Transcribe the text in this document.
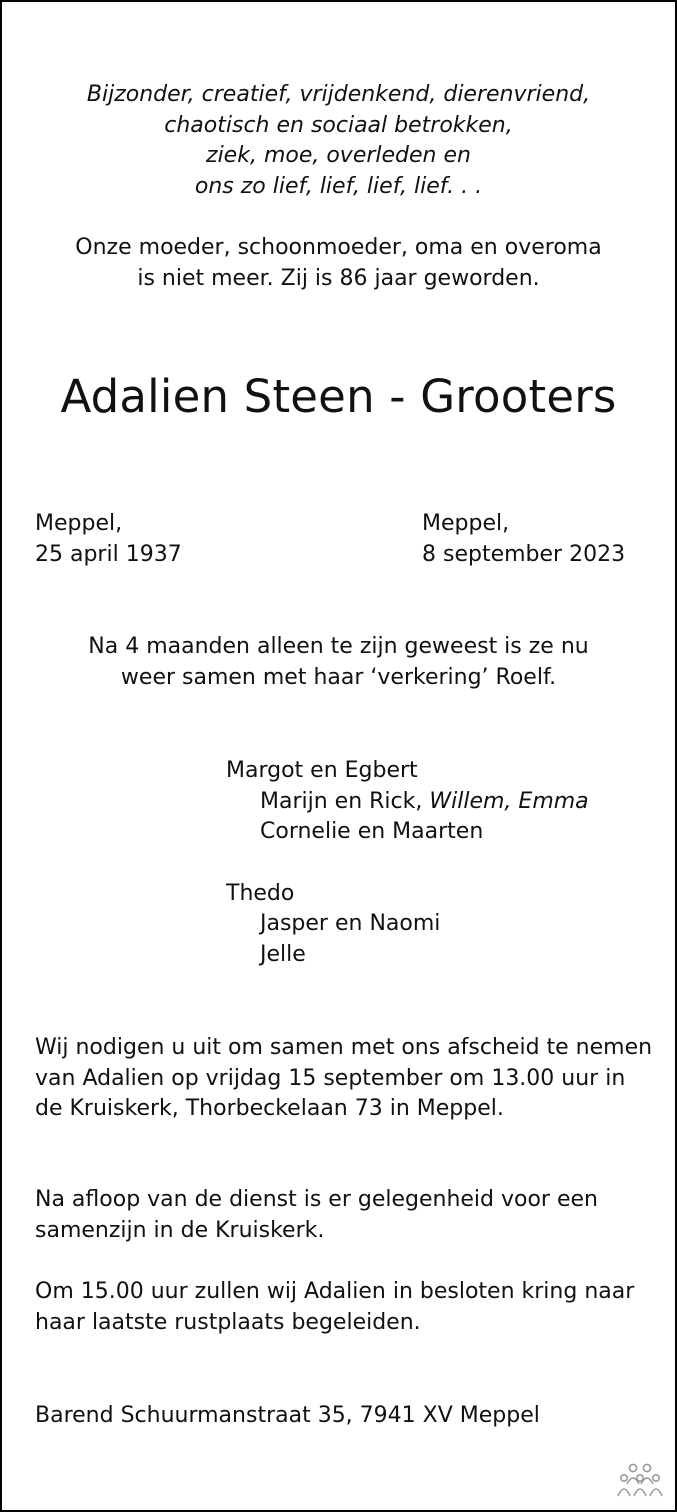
Bijzonder, creatief, vrijdenkend, dierenvriend,
chaotisch en sociaal betrokken,
ziek, moe, overleden en
ons zo lief, lief, lief, lief. . .
Onze moeder, schoonmoeder, oma en overoma
is niet meer. Zij is 86 jaar geworden.
Adalien Steen - Grooters
Meppel,
25 april 1937
Meppel,
8 september 2023
Na 4 maanden alleen te zijn geweest is ze nu
weer samen met haar ‘verkering’ Roelf.
Margot en Egbert
Marijn en Rick, Willem, Emma
Cornelie en Maarten
Thedo
Jasper en Naomi
Jelle
Wij nodigen u uit om samen met ons afscheid te nemen van Adalien op vrijdag 15 september om 13.00 uur in de Kruiskerk, Thorbeckelaan 73 in Meppel.
Na afloop van de dienst is er gelegenheid voor een samenzijn in de Kruiskerk.
Om 15.00 uur zullen wij Adalien in besloten kring naar haar laatste rustplaats begeleiden.
Barend Schuurmanstraat 35, 7941 XV Meppel
